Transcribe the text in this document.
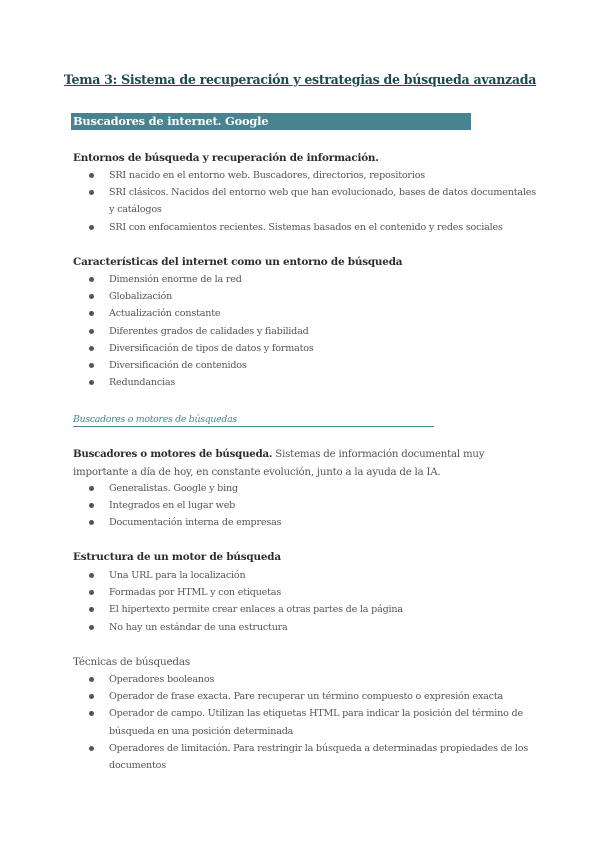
Tema 3: Sistema de recuperación y estrategias de búsqueda avanzada
Buscadores de internet. Google
Entornos de búsqueda y recuperación de información.
SRI nacido en el entorno web. Buscadores, directorios, repositorios
SRI clásicos. Nacidos del entorno web que han evolucionado, bases de datos documentales y catálogos
SRI con enfocamientos recientes. Sistemas basados en el contenido y redes sociales
Características del internet como un entorno de búsqueda
Dimensión enorme de la red
Globalización
Actualización constante
Diferentes grados de calidades y fiabilidad
Diversificación de tipos de datos y formatos
Diversificación de contenidos
Redundancias
Buscadores o motores de búsquedas
Buscadores o motores de búsqueda. Sistemas de información documental muy importante a día de hoy, en constante evolución, junto a la ayuda de la IA.
Generalistas. Google y bing
Integrados en el lugar web
Documentación interna de empresas
Estructura de un motor de búsqueda
Una URL para la localización
Formadas por HTML y con etiquetas
El hipertexto permite crear enlaces a otras partes de la página
No hay un estándar de una estructura
Técnicas de búsquedas
Operadores booleanos
Operador de frase exacta. Pare recuperar un término compuesto o expresión exacta
Operador de campo. Utilizan las etiquetas HTML para indicar la posición del término de búsqueda en una posición determinada
Operadores de limitación. Para restringir la búsqueda a determinadas propiedades de los documentos
